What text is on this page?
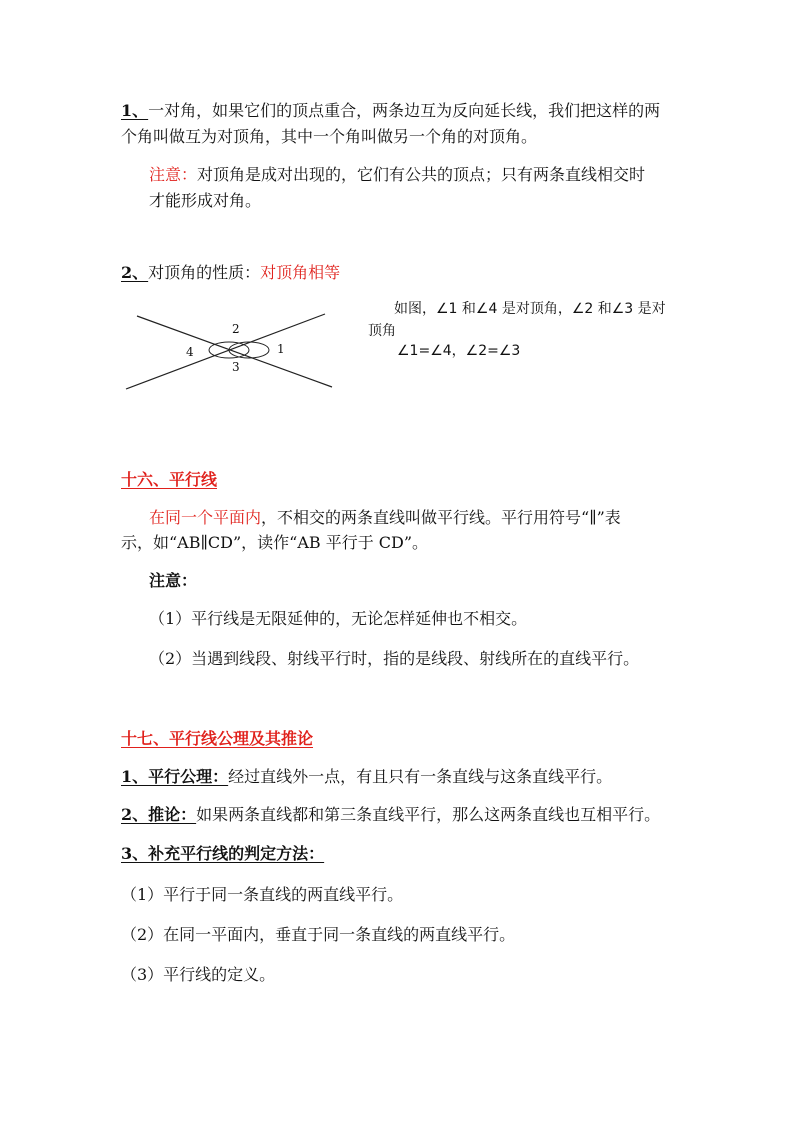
1、一对角，如果它们的顶点重合，两条边互为反向延长线，我们把这样的两
个角叫做互为对顶角，其中一个角叫做另一个角的对顶角。
注意：对顶角是成对出现的，它们有公共的顶点；只有两条直线相交时
才能形成对角。
2、对顶角的性质：对顶角相等
2
1
3
4
如图，∠1 和∠4 是对顶角，∠2 和∠3 是对
顶角
∠1=∠4，∠2=∠3
十六、平行线
在同一个平面内，不相交的两条直线叫做平行线。平行用符号“∥”表
示，如“AB∥CD”，读作“AB 平行于 CD”。
注意：
（1）平行线是无限延伸的，无论怎样延伸也不相交。
（2）当遇到线段、射线平行时，指的是线段、射线所在的直线平行。
十七、平行线公理及其推论
1、平行公理：经过直线外一点，有且只有一条直线与这条直线平行。
2、推论：如果两条直线都和第三条直线平行，那么这两条直线也互相平行。
3、补充平行线的判定方法：
（1）平行于同一条直线的两直线平行。
（2）在同一平面内，垂直于同一条直线的两直线平行。
（3）平行线的定义。
